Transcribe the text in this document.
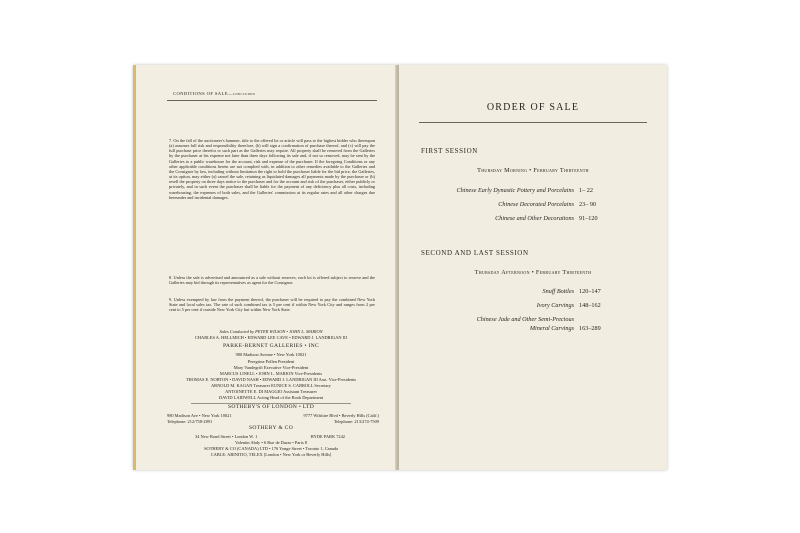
CONDITIONS OF SALE—concluded
7. On the fall of the auctioneer's hammer, title to the offered lot or article will pass to the highest bidder who thereupon (a) assumes full risk and responsibility therefore, (b) will sign a confirmation of purchase thereof, and (c) will pay the full purchase price therefor or such part as the Galleries may require. All property shall be removed from the Galleries by the purchaser at his expense not later than three days following its sale and, if not so removed, may be sent by the Galleries to a public warehouse for the account, risk and expense of the purchaser. If the foregoing Conditions or any other applicable conditions herein are not complied with, in addition to other remedies available to the Galleries and the Consignor by law, including without limitation the right to hold the purchaser liable for the bid price, the Galleries, at its option, may either (a) cancel the sale, retaining as liquidated damages all payments made by the purchaser or (b) resell the property on three days notice to the purchaser and for the account and risk of the purchaser, either publicly or privately, and in such event the purchaser shall be liable for the payment of any deficiency plus all costs, including warehousing, the expenses of both sales, and the Galleries' commission at its regular rates and all other charges due hereunder and incidental damages.
8. Unless the sale is advertised and announced as a sale without reserves, each lot is offered subject to reserve and the Galleries may bid through its representatives as agent for the Consignor.
9. Unless exempted by law from the payment thereof, the purchaser will be required to pay the combined New York State and local sales tax. The rate of such combined tax is 5 per cent if within New York City and ranges from 2 per cent to 5 per cent if outside New York City but within New York State.
Sales Conducted by PETER WILSON • JOHN L. MARION
CHARLES A. HELLMICH • EDWARD LEE CAVE • EDWARD J. LANDRIGAN III
PARKE-BERNET GALLERIES • INC
980 Madison Avenue • New York 10021
Peregrine Pollen President
Mary Vandegrift Executive Vice-President
MARCUS LINELL • JOHN L. MARION Vice-Presidents
THOMAS E. NORTON • DAVID NASH • EDWARD J. LANDRIGAN III Asst. Vice-Presidents
ARNOLD M. KAGAN Treasurer EUNICE S. CARROLL Secretary
ANTOINETTE E. DI MAGGIO Assistant Treasurer
DAVID LAIDWELL Acting Head of the Book Department
SOTHEBY'S OF LONDON • LTD
980 Madison Ave • New York 10021	9777 Wilshire Blvd • Beverly Hills (Calif.)
Telephone: 212/758-2891	Telephone: 213/274-7509
SOTHEBY & CO
34 New Bond Street • London W. 1	HYDE PARK 7242
Valentin Abdy • 6 Rue de Duras • Paris 8
SOTHEBY & CO (CANADA) LTD • 176 Yonge Street • Toronto 1, Canada
CABLE: ABINITIO, TELEX [London • New York or Beverly Hills]
ORDER OF SALE
FIRST SESSION
Thursday Morning • February Thirteenth
Chinese Early Dynastic Pottery and Porcelains 1– 22
Chinese Decorated Porcelains 23– 90
Chinese and Other Decorations 91–120
SECOND AND LAST SESSION
Thursday Afternoon • February Thirteenth
Snuff Bottles 120–147
Ivory Carvings 148–162
Chinese Jade and Other Semi-Precious
Mineral Carvings 163–289
